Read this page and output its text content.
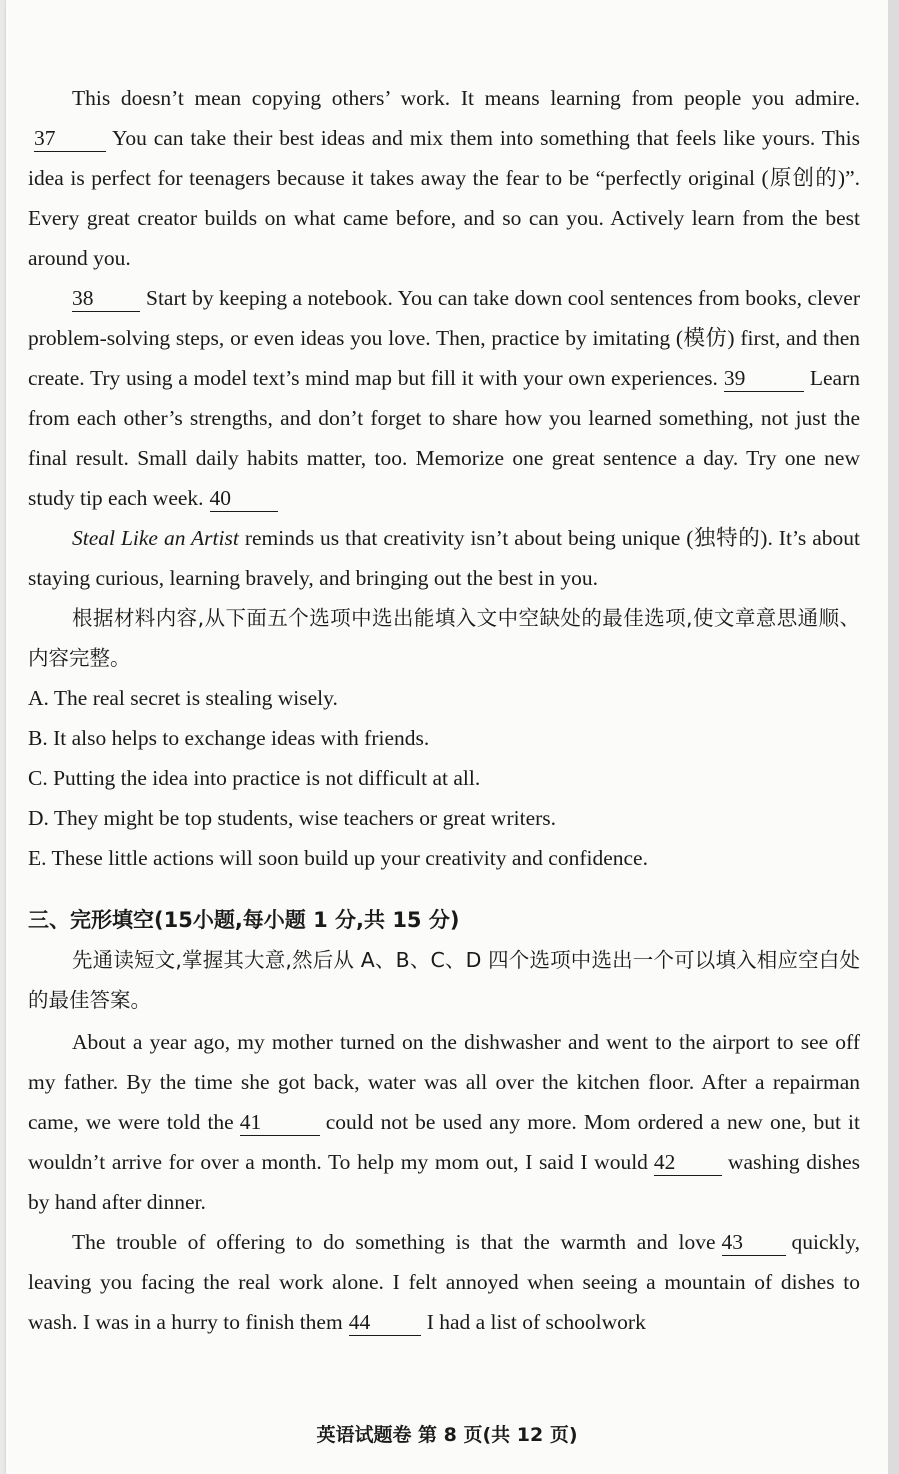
This doesn’t mean copying others’ work. It means learning from people you admire.37	You can take their best ideas and mix them into something that feels like yours. This idea is perfect for teenagers because it takes away the fear to be “perfectly original (原创的)”. Every great creator builds on what came before, and so can you. Actively learn from the best around you.

38 Start by keeping a notebook. You can take down cool sentences from books, clever problem-solving steps, or even ideas you love. Then, practice by imitating (模仿) first, and then create. Try using a model text’s mind map but fill it with your own experiences. 39	Learn from each other’s strengths, and don’t forget to share how you learned something, not just the final result. Small daily habits matter, too. Memorize one great sentence a day. Try one new study tip each week. 40

Steal Like an Artist reminds us that creativity isn’t about being unique (独特的). It’s about staying curious, learning bravely, and bringing out the best in you.

根据材料内容,从下面五个选项中选出能填入文中空缺处的最佳选项,使文章意思通顺、内容完整。

A. The real secret is stealing wisely.

B. It also helps to exchange ideas with friends.

C. Putting the idea into practice is not difficult at all.

D. They might be top students, wise teachers or great writers.

E. These little actions will soon build up your creativity and confidence.

三、完形填空(15小题,每小题 1 分,共 15 分)

先通读短文,掌握其大意,然后从 A、B、C、D 四个选项中选出一个可以填入相应空白处的最佳答案。

About a year ago, my mother turned on the dishwasher and went to the airport to see off my father. By the time she got back, water was all over the kitchen floor. After a repairman came, we were told the 41	could not be used any more. Mom ordered a new one, but it wouldn’t arrive for over a month. To help my mom out, I said I would 42 washing dishes by hand after dinner.

The trouble of offering to do something is that the warmth and love 43 quickly, leaving you facing the real work alone. I felt annoyed when seeing a mountain of dishes to wash. I was in a hurry to finish them 44	I had a list of schoolwork

英语试题卷 第 8 页(共 12 页)
